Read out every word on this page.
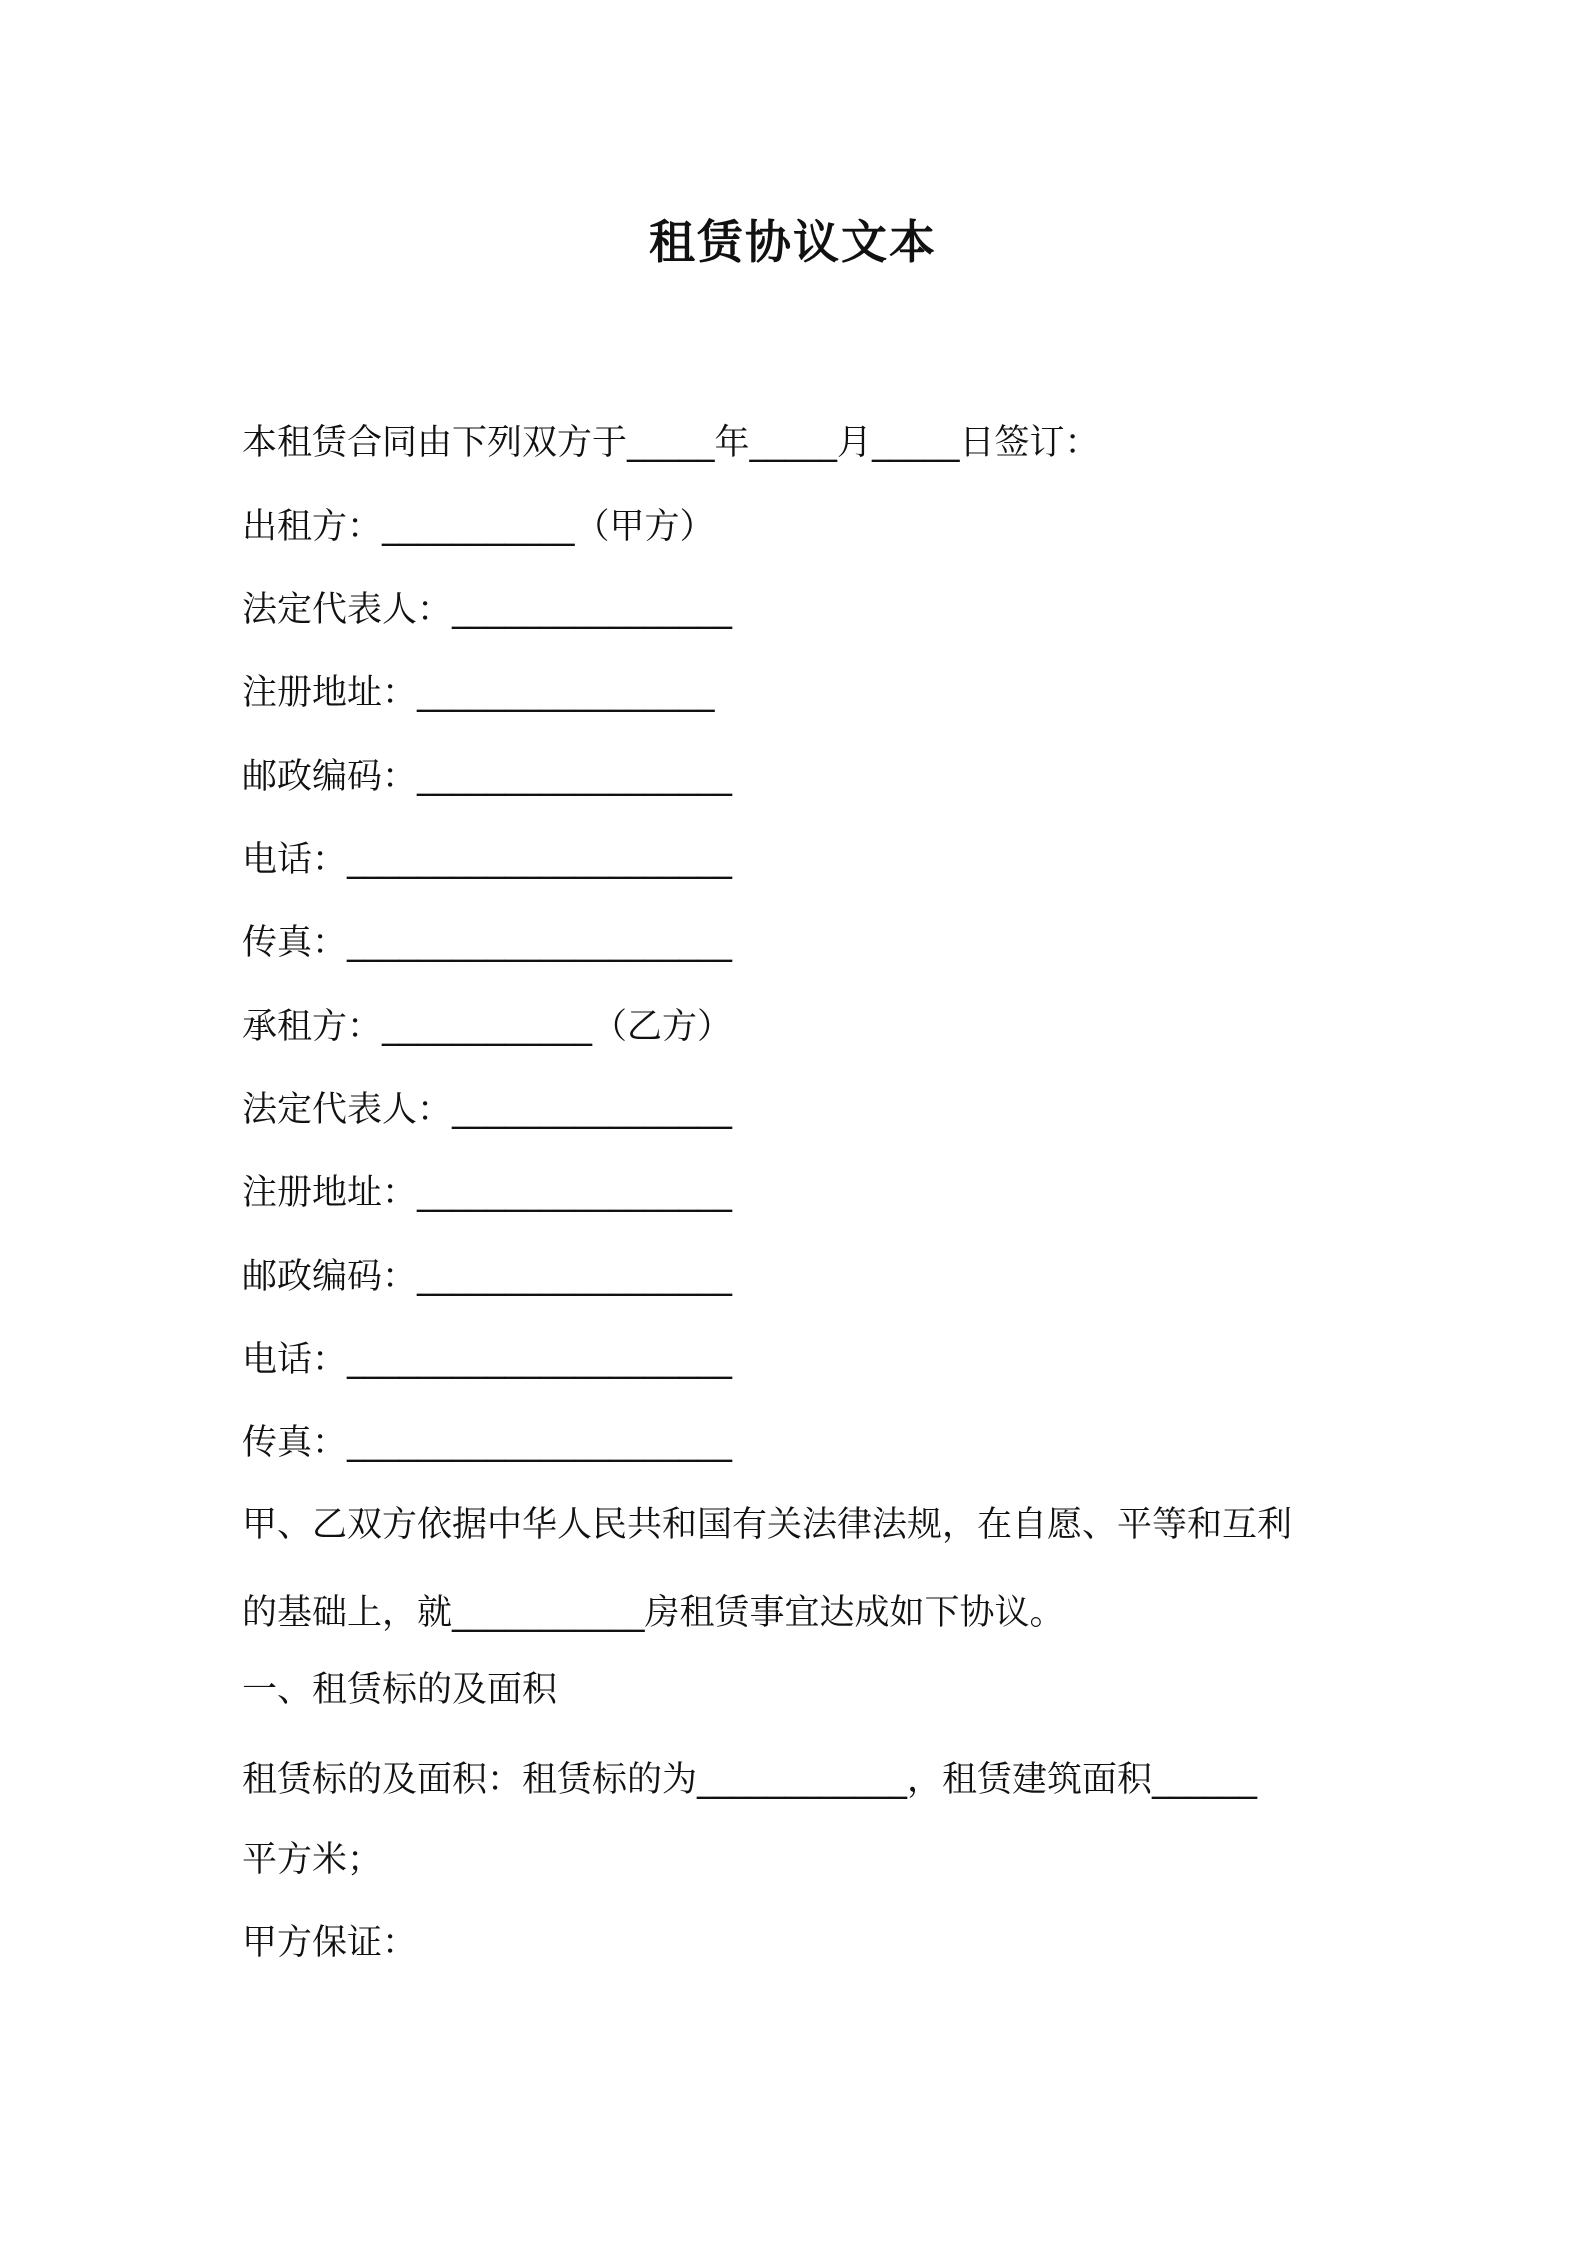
租赁协议文本
本租赁合同由下列双方于_____年_____月_____日签订：
出租方：___________（甲方）
法定代表人：________________
注册地址：_________________
邮政编码：__________________
电话：______________________
传真：______________________
承租方：____________（乙方）
法定代表人：________________
注册地址：__________________
邮政编码：__________________
电话：______________________
传真：______________________
甲、乙双方依据中华人民共和国有关法律法规，在自愿、平等和互利
的基础上，就___________房租赁事宜达成如下协议。
一、租赁标的及面积
租赁标的及面积：租赁标的为____________，租赁建筑面积______
平方米；
甲方保证：
